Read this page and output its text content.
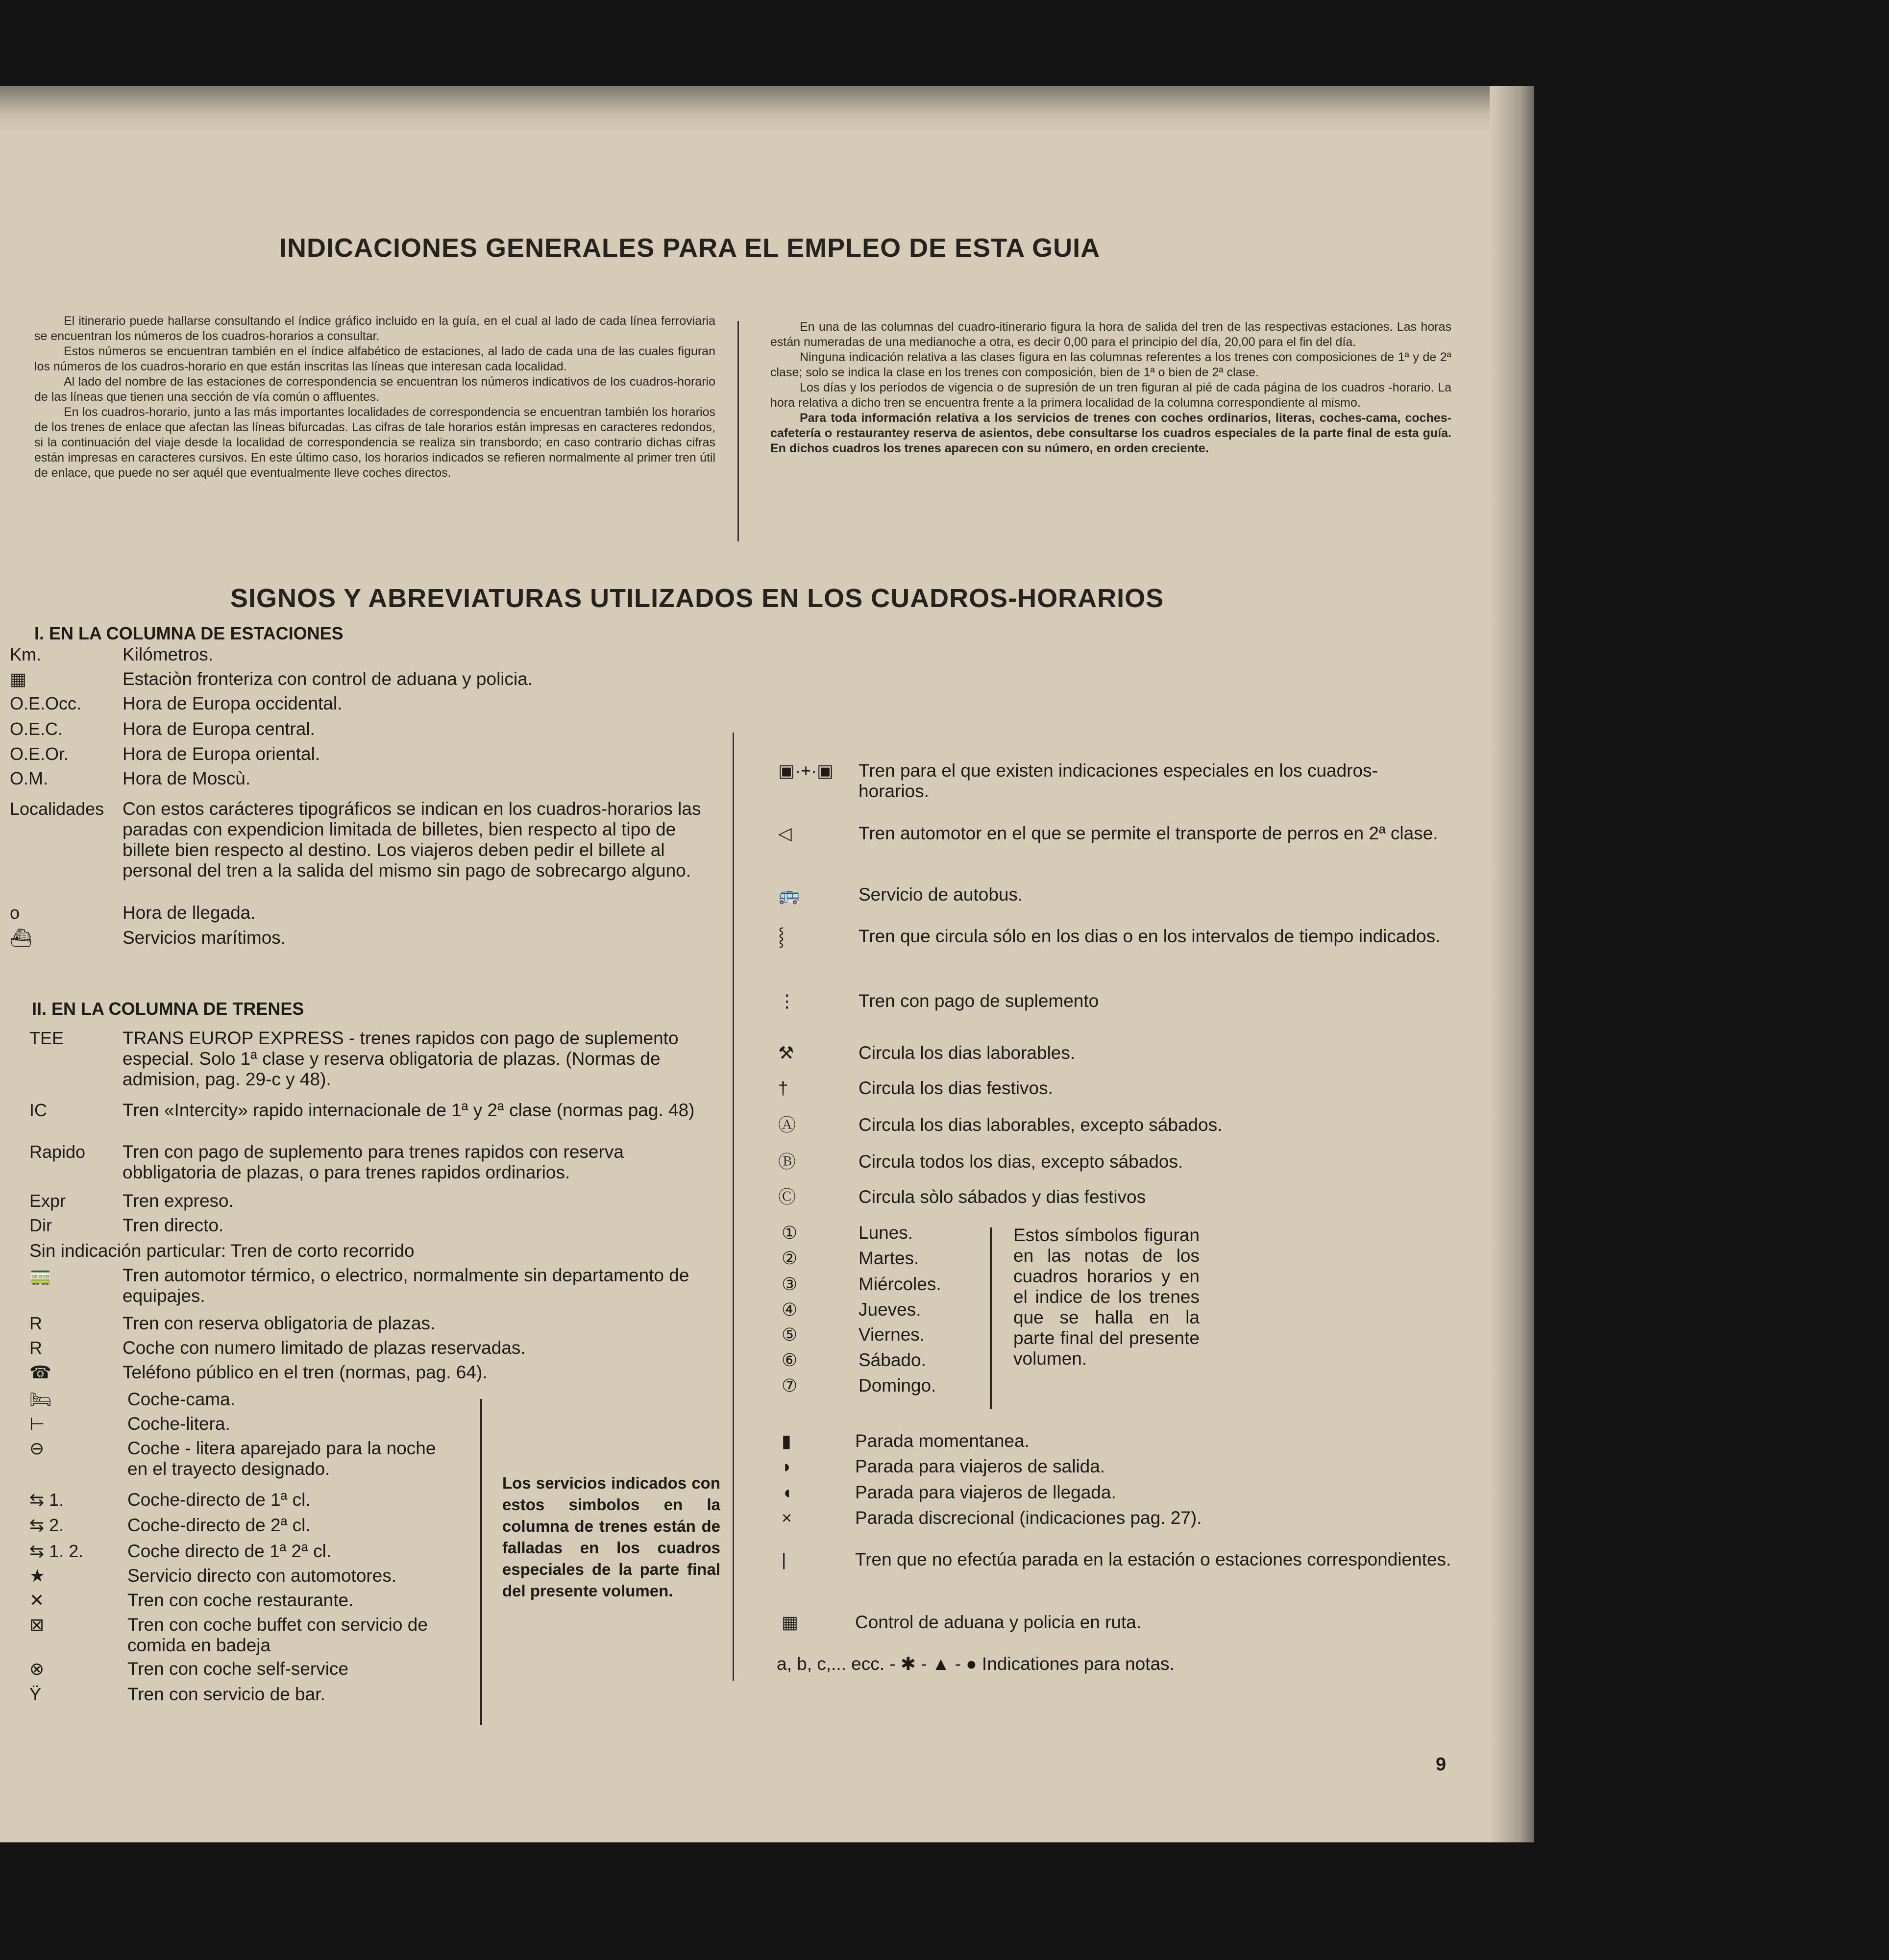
INDICACIONES GENERALES PARA EL EMPLEO DE ESTA GUIA

El itinerario puede hallarse consultando el índice gráfico incluido en la guía, en el cual al lado de cada línea ferroviaria se encuentran los números de los cuadros-horarios a consultar.

Estos números se encuentran también en el índice alfabético de estaciones, al lado de cada una de las cuales figuran los números de los cuadros-horario en que están inscritas las líneas que interesan cada localidad.

Al lado del nombre de las estaciones de correspondencia se encuentran los números indicativos de los cuadros-horario de las líneas que tienen una sección de vía común o affluentes.

En los cuadros-horario, junto a las más importantes localidades de correspondencia se encuentran también los horarios de los trenes de enlace que afectan las líneas bifurcadas. Las cifras de tale horarios están impresas en caracteres redondos, si la continuación del viaje desde la localidad de correspondencia se realiza sin transbordo; en caso contrario dichas cifras están impresas en caracteres cursivos. En este último caso, los horarios indicados se refieren normalmente al primer tren útil de enlace, que puede no ser aquél que eventualmente lleve coches directos.

En una de las columnas del cuadro-itinerario figura la hora de salida del tren de las respectivas estaciones. Las horas están numeradas de una medianoche a otra, es decir 0,00 para el principio del día, 20,00 para el fin del día.

Ninguna indicación relativa a las clases figura en las columnas referentes a los trenes con composiciones de 1ª y de 2ª clase; solo se indica la clase en los trenes con composición, bien de 1ª o bien de 2ª clase.

Los días y los períodos de vigencia o de supresión de un tren figuran al pié de cada página de los cuadros -horario. La hora relativa a dicho tren se encuentra frente a la primera localidad de la columna correspondiente al mismo.

Para toda información relativa a los servicios de trenes con coches ordinarios, literas, coches-cama, coches-cafetería o restauranteу reserva de asientos, debe consultarse los cuadros especiales de la parte final de esta guía. En dichos cuadros los trenes aparecen con su número, en orden creciente.

SIGNOS Y ABREVIATURAS UTILIZADOS EN LOS CUADROS-HORARIOS
I. EN LA COLUMNA DE ESTACIONES
Km.	Kilómetros.
▦	Estaciòn fronteriza con control de aduana y policia.
O.E.Occ. Hora de Europa occidental.
O.E.C.	Hora de Europa central.
O.E.Or.	Hora de Europa oriental.
O.M.	Hora de Moscù.
Localidades Con estos carácteres tipográficos se indican en los cuadros-horarios las paradas con expendicion limitada de billetes, bien respecto al tipo de billete bien respecto al destino. Los viajeros deben pedir el billete al personal del tren a la salida del mismo sin pago de sobrecargo alguno.
o	Hora de llegada.
⛴	Servicios marítimos.
II. EN LA COLUMNA DE TRENES
TEE	TRANS EUROP EXPRESS - trenes rapidos con pago de suplemento especial. Solo 1ª clase y reserva obligatoria de plazas. (Normas de admision, pag. 29-c y 48).
IC	Tren «Intercity» rapido internacionale de 1ª y 2ª clase (normas pag. 48)
Rapido Tren con pago de suplemento para trenes rapidos con reserva obbligatoria de plazas, o para trenes rapidos ordinarios.
Expr	Tren expreso.
Dir	Tren directo.
Sin indicación particular: Tren de corto recorrido
🚃	Tren automotor térmico, o electrico, normalmente sin departamento de equipajes.
R	Tren con reserva obligatoria de plazas.
R	Coche con numero limitado de plazas reservadas.
☎	Teléfono público en el tren (normas, pag. 64).
🛏	Coche-cama.
⊢	Coche-litera.
⊖	Coche - litera aparejado para la noche en el trayecto designado.
⇆ 1.	Coche-directo de 1ª cl.
⇆ 2.	Coche-directo de 2ª cl.
⇆ 1. 2. Coche directo de 1ª 2ª cl.
★	Servicio directo con automotores.
✕	Tren con coche restaurante.
⊠	Tren con coche buffet con servicio de comida en badeja
⊗	Tren con coche self-service
Ÿ	Tren con servicio de bar.
Los servicios indicados con estos simbolos en la columna de trenes están de falladas en los cuadros especiales de la parte final del presente volumen.
▣·+·▣ Tren para el que existen indicaciones especiales en los cuadros-horarios.
◁	Tren automotor en el que se permite el transporte de perros en 2ª clase.
🚌	Servicio de autobus.
⸾	Tren que circula sólo en los dias o en los intervalos de tiempo indicados.
⋮	Tren con pago de suplemento
⚒	Circula los dias laborables.
†	Circula los dias festivos.
Ⓐ	Circula los dias laborables, excepto sábados.
Ⓑ	Circula todos los dias, excepto sábados.
Ⓒ	Circula sòlo sábados y dias festivos
①	Lunes.
②	Martes.
③	Miércoles.
④	Jueves.
⑤	Viernes.
⑥	Sábado.
⑦	Domingo.
Estos símbolos figuran en las notas de los cuadros horarios y en el indice de los trenes que se halla en la parte final del presente volumen.
▮	Parada momentanea.
◗	Parada para viajeros de salida.
◖	Parada para viajeros de llegada.
×	Parada discrecional (indicaciones pag. 27).
|	Tren que no efectúa parada en la estación o estaciones correspondientes.
▦	Control de aduana y policia en ruta.
a, b, c,... ecc. - ✱ - ▲ - ● Indicationes para notas.
9
